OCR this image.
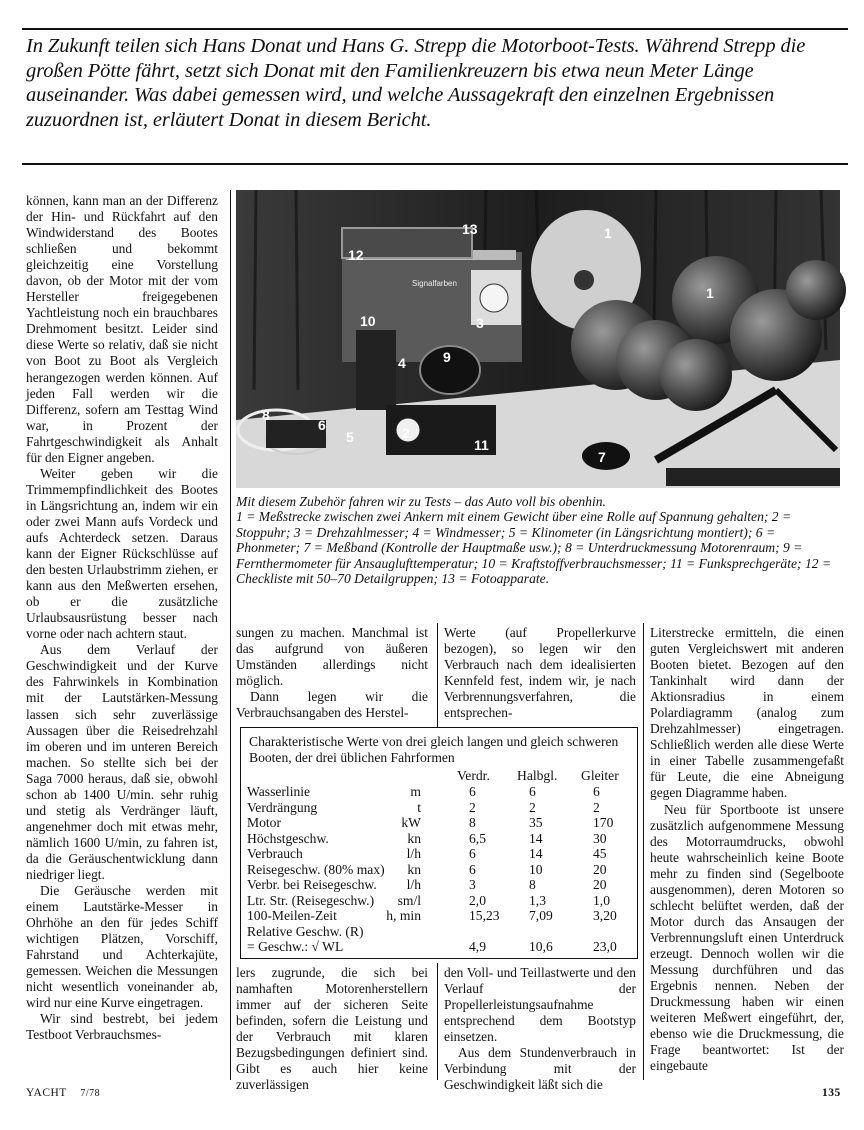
In Zukunft teilen sich Hans Donat und Hans G. Strepp die Motorboot-Tests. Während Strepp die großen Pötte fährt, setzt sich Donat mit den Familienkreuzern bis etwa neun Meter Länge auseinander. Was dabei gemessen wird, und welche Aussagekraft den einzelnen Ergebnissen zuzuordnen ist, erläutert Donat in diesem Bericht.

können, kann man an der Differenz der Hin- und Rückfahrt auf den Windwiderstand des Bootes schließen und bekommt gleichzeitig eine Vorstellung davon, ob der Motor mit der vom Hersteller freigegebenen Yachtleistung noch ein brauchbares Drehmoment besitzt. Leider sind diese Werte so relativ, daß sie nicht von Boot zu Boot als Vergleich herangezogen werden können. Auf jeden Fall werden wir die Differenz, sofern am Testtag Wind war, in Prozent der Fahrtgeschwindigkeit als Anhalt für den Eigner angeben.

Weiter geben wir die Trimmempfindlichkeit des Bootes in Längsrichtung an, indem wir ein oder zwei Mann aufs Vordeck und aufs Achterdeck setzen. Daraus kann der Eigner Rückschlüsse auf den besten Urlaubstrimm ziehen, er kann aus den Meßwerten ersehen, ob er die zusätzliche Urlaubsausrüstung besser nach vorne oder nach achtern staut.

Aus dem Verlauf der Geschwindigkeit und der Kurve des Fahrwinkels in Kombination mit der Lautstärken-Messung lassen sich sehr zuverlässige Aussagen über die Reisedrehzahl im oberen und im unteren Bereich machen. So stellte sich bei der Saga 7000 heraus, daß sie, obwohl schon ab 1400 U/min. sehr ruhig und stetig als Verdränger läuft, angenehmer doch mit etwas mehr, nämlich 1600 U/min, zu fahren ist, da die Geräuschentwicklung dann niedriger liegt.

Die Geräusche werden mit einem Lautstärke-Messer in Ohrhöhe an den für jedes Schiff wichtigen Plätzen, Vorschiff, Fahrstand und Achterkajüte, gemessen. Weichen die Messungen nicht wesentlich voneinander ab, wird nur eine Kurve eingetragen.

Wir sind bestrebt, bei jedem Testboot Verbrauchsmes-

1
1
2
3
4
5
6
7
8
9
10
11
12
13
Signalfarben
Mit diesem Zubehör fahren wir zu Tests – das Auto voll bis obenhin.
1 = Meßstrecke zwischen zwei Ankern mit einem Gewicht über eine Rolle auf Spannung gehalten; 2 = Stoppuhr; 3 = Drehzahlmesser; 4 = Windmesser; 5 = Klinometer (in Längsrichtung montiert); 6 = Phonmeter; 7 = Meßband (Kontrolle der Hauptmaße usw.); 8 = Unterdruckmessung Motorenraum; 9 = Fernthermometer für Ansauglufttemperatur; 10 = Kraftstoffverbrauchsmesser; 11 = Funksprechgeräte; 12 = Checkliste mit 50–70 Detailgruppen; 13 = Fotoapparate.

sungen zu machen. Manchmal ist das aufgrund von äußeren Umständen allerdings nicht möglich.

Dann legen wir die Verbrauchsangaben des Herstel-

Werte (auf Propellerkurve bezogen), so legen wir den Verbrauch nach dem idealisierten Kennfeld fest, indem wir, je nach Verbrennungsverfahren, die entsprechen-

Charakteristische Werte von drei gleich langen und gleich schweren Booten, der drei üblichen Fahrformen
Verdr. Halbgl. Gleiter
Wasserlinie	m	6	6	6
Verdrängung	t	2	2	2
Motor	kW	8	35	170
Höchstgeschw.	kn	6,5	14	30
Verbrauch	l/h	6	14	45
Reisegeschw. (80% max) kn	6	10	20
Verbr. bei Reisegeschw. l/h	3	8	20
Ltr. Str. (Reisegeschw.) sm/l	2,0	1,3	1,0
100-Meilen-Zeit	h, min	15,23 7,09	3,20
Relative Geschw. (R)
= Geschw.: √ WL	4,9	10,6	23,0

lers zugrunde, die sich bei namhaften Motorenherstellern immer auf der sicheren Seite befinden, sofern die Leistung und der Verbrauch mit klaren Bezugsbedingungen definiert sind. Gibt es auch hier keine zuverlässigen

den Voll- und Teillastwerte und den Verlauf der Propellerleistungsaufnahme entsprechend dem Bootstyp einsetzen.

Aus dem Stundenverbrauch in Verbindung mit der Geschwindigkeit läßt sich die

Literstrecke ermitteln, die einen guten Vergleichswert mit anderen Booten bietet. Bezogen auf den Tankinhalt wird dann der Aktionsradius in einem Polardiagramm (analog zum Drehzahlmesser) eingetragen. Schließlich werden alle diese Werte in einer Tabelle zusammengefaßt für Leute, die eine Abneigung gegen Diagramme haben.

Neu für Sportboote ist unsere zusätzlich aufgenommene Messung des Motorraumdrucks, obwohl heute wahrscheinlich keine Boote mehr zu finden sind (Segelboote ausgenommen), deren Motoren so schlecht belüftet werden, daß der Motor durch das Ansaugen der Verbrennungsluft einen Unterdruck erzeugt. Dennoch wollen wir die Messung durchführen und das Ergebnis nennen. Neben der Druckmessung haben wir einen weiteren Meßwert eingeführt, der, ebenso wie die Druckmessung, die Frage beantwortet: Ist der eingebaute

YACHT 7/78	135
